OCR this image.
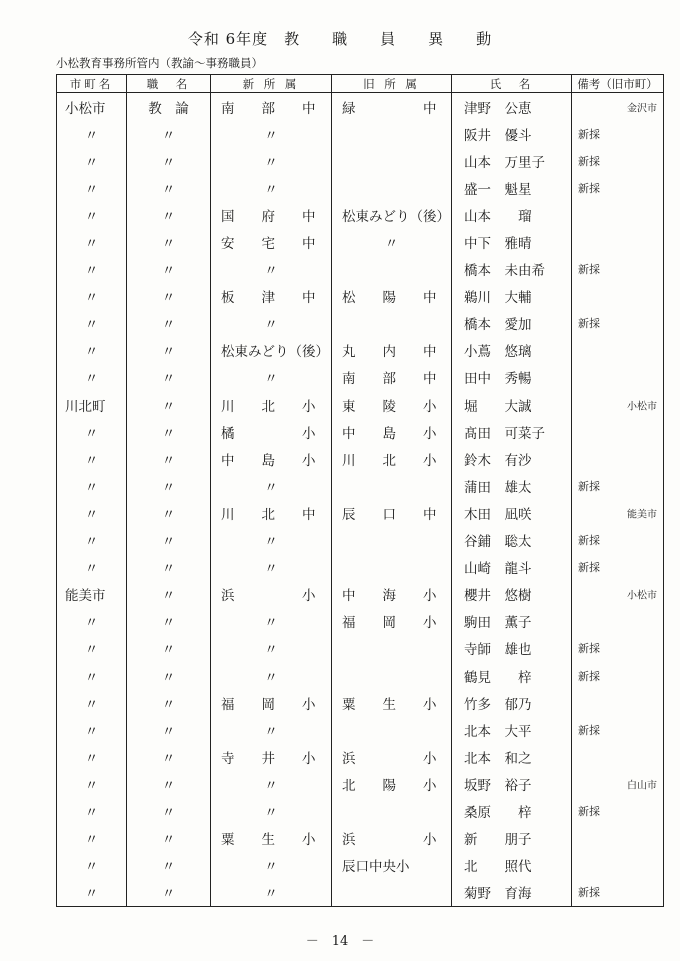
令和 6年度　教　　職　　員　　異　　動
小松教育事務所管内（教諭〜事務職員）
市町名	職　名	新 所 属	旧 所 属	氏　名	備考（旧市町）
小松市	教　論	南　　部　　中	緑　　　　　中	津野　公恵	金沢市

〃	〃	〃		阪井　優斗	新採

〃	〃	〃		山本　万里子	新採

〃	〃	〃		盛一　魁星	新採

〃	〃	国　　府　　中	松東みどり（後）	山本　　瑠	

〃	〃	安　　宅　　中	〃	中下　雅晴	

〃	〃	〃		橋本　未由希	新採

〃	〃	板　　津　　中	松　　陽　　中	鵜川　大輔	

〃	〃	〃		橋本　愛加	新採

〃	〃	松東みどり（後）	丸　　内　　中	小蔦　悠璃	

〃	〃	〃	南　　部　　中	田中　秀暢	

川北町	〃	川　　北　　小	東　　陵　　小	堀　　大誠	小松市

〃	〃	橘　　　　　小	中　　島　　小	髙田　可菜子	

〃	〃	中　　島　　小	川　　北　　小	鈴木　有沙	

〃	〃	〃		蒲田　雄太	新採

〃	〃	川　　北　　中	辰　　口　　中	木田　凪咲	能美市

〃	〃	〃		谷鋪　聡太	新採

〃	〃	〃		山崎　龍斗	新採

能美市	〃	浜　　　　　小	中　　海　　小	櫻井　悠樹	小松市

〃	〃	〃	福　　岡　　小	駒田　薫子	

〃	〃	〃		寺師　雄也	新採

〃	〃	〃		鶴見　　梓	新採

〃	〃	福　　岡　　小	粟　　生　　小	竹多　郁乃	

〃	〃	〃		北本　大平	新採

〃	〃	寺　　井　　小	浜　　　　　小	北本　和之	

〃	〃	〃	北　　陽　　小	坂野　裕子	白山市

〃	〃	〃		桑原　　梓	新採

〃	〃	粟　　生　　小	浜　　　　　小	新　　朋子	

〃	〃	〃	辰口中央小	北　　照代	

〃	〃	〃		菊野　育海	新採
－　14　－
